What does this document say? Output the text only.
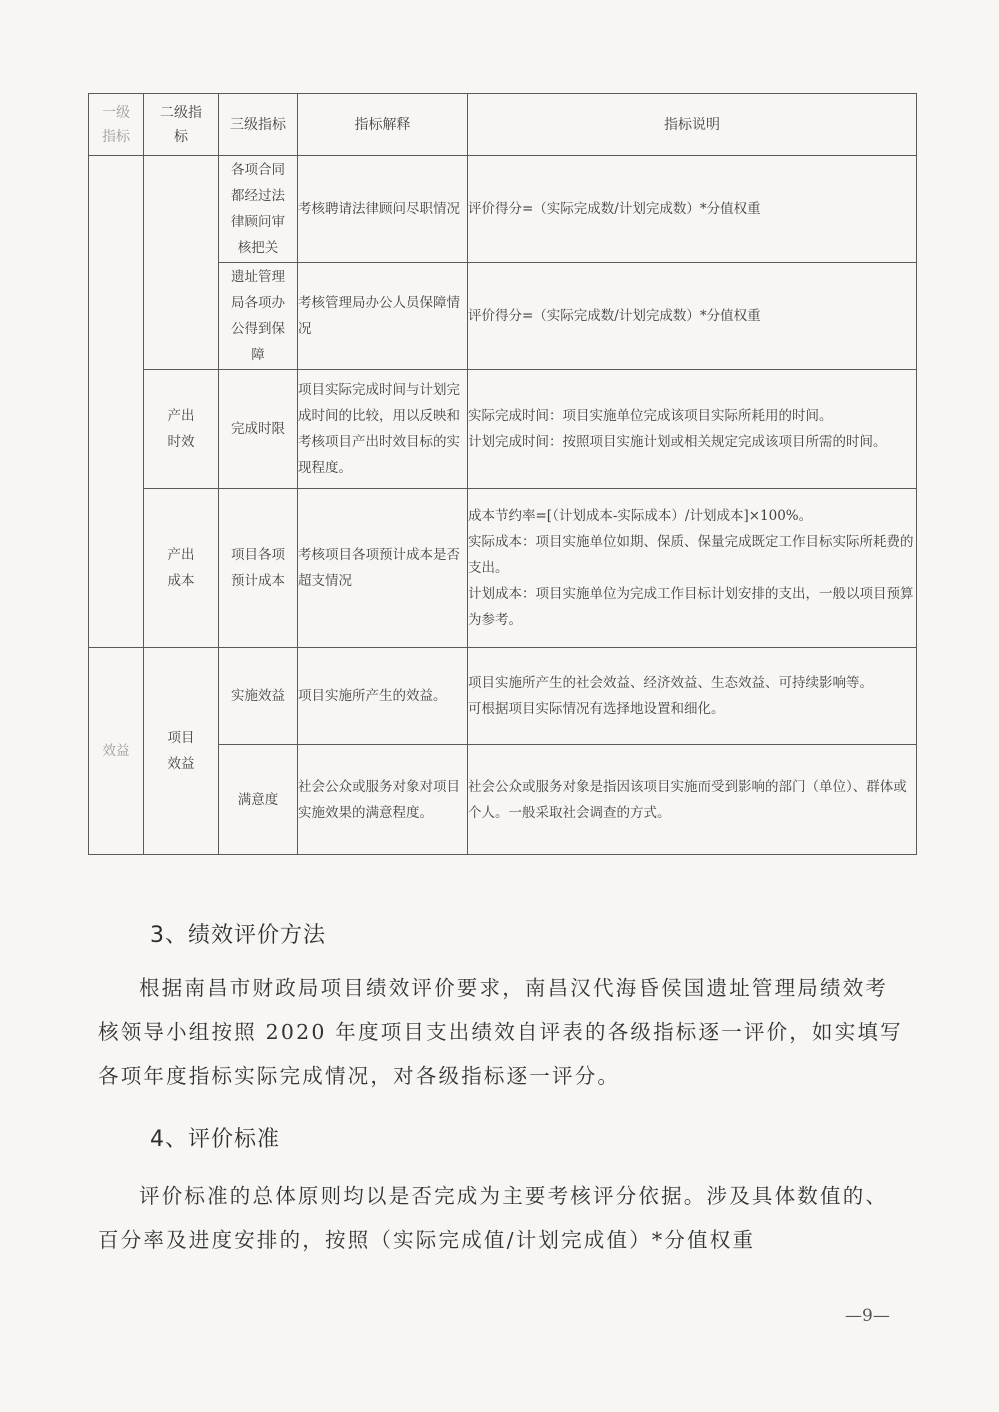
一级指标	二级指标	三级指标	指标解释	指标说明

		各项合同
都经过法
律顾问审
核把关	考核聘请法律顾问尽职情况	评价得分=（实际完成数/计划完成数）*分值权重

		遗址管理
局各项办
公得到保
障	考核管理局办公人员保障情况	评价得分=（实际完成数/计划完成数）*分值权重

	产出时效	完成时限	项目实际完成时间与计划完成时间的比较，用以反映和考核项目产出时效目标的实现程度。	实际完成时间：项目实施单位完成该项目实际所耗用的时间。
计划完成时间：按照项目实施计划或相关规定完成该项目所需的时间。

	产出成本	项目各项预计成本	考核项目各项预计成本是否超支情况	成本节约率=[（计划成本-实际成本）/计划成本]×100%。
实际成本：项目实施单位如期、保质、保量完成既定工作目标实际所耗费的支出。
计划成本：项目实施单位为完成工作目标计划安排的支出，一般以项目预算为参考。

效益	项目效益	实施效益	项目实施所产生的效益。	项目实施所产生的社会效益、经济效益、生态效益、可持续影响等。
可根据项目实际情况有选择地设置和细化。

		满意度	社会公众或服务对象对项目实施效果的满意程度。	社会公众或服务对象是指因该项目实施而受到影响的部门（单位）、群体或个人。一般采取社会调查的方式。
3、绩效评价方法
根据南昌市财政局项目绩效评价要求，南昌汉代海昏侯国遗址管理局绩效考核领导小组按照 2020 年度项目支出绩效自评表的各级指标逐一评价，如实填写各项年度指标实际完成情况，对各级指标逐一评分。
4、评价标准
评价标准的总体原则均以是否完成为主要考核评分依据。涉及具体数值的、百分率及进度安排的，按照（实际完成值/计划完成值）*分值权重
—9—
